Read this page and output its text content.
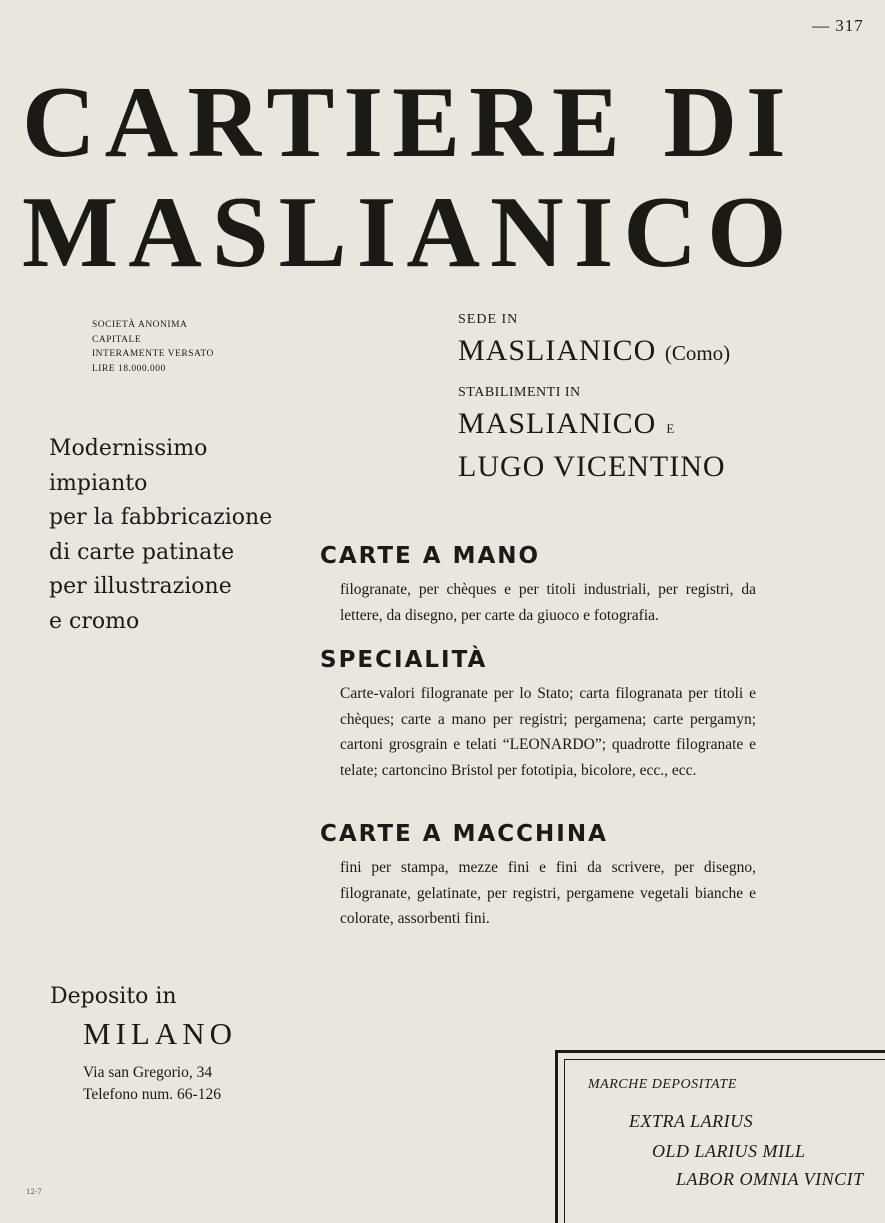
— 317
CARTIERE DI
MASLIANICO
SOCIETÀ ANONIMA
CAPITALE
INTERAMENTE VERSATO
LIRE 18.000.000
SEDE IN
MASLIANICO (Como)
STABILIMENTI IN
MASLIANICO E
LUGO VICENTINO
Modernissimo
impianto
per la fabbricazione
di carte patinate
per illustrazione
e cromo
CARTE A MANO
filogranate, per chèques e per titoli industriali, per registri, da lettere, da disegno, per carte da giuoco e fotografia.
SPECIALITÀ
Carte-valori filogranate per lo Stato; carta filogranata per titoli e chèques; carte a mano per registri; pergamena; carte pergamyn; cartoni grosgrain e telati “LEONARDO”; quadrotte filogranate e telate; cartoncino Bristol per fototipia, bicolore, ecc., ecc.
CARTE A MACCHINA
fini per stampa, mezze fini e fini da scrivere, per disegno, filogranate, gelatinate, per registri, pergamene vegetali bianche e colorate, assorbenti fini.
Deposito in
MILANO
Via san Gregorio, 34
Telefono num. 66-126
MARCHE DEPOSITATE
EXTRA LARIUS
OLD LARIUS MILL
LABOR OMNIA VINCIT
12-7
